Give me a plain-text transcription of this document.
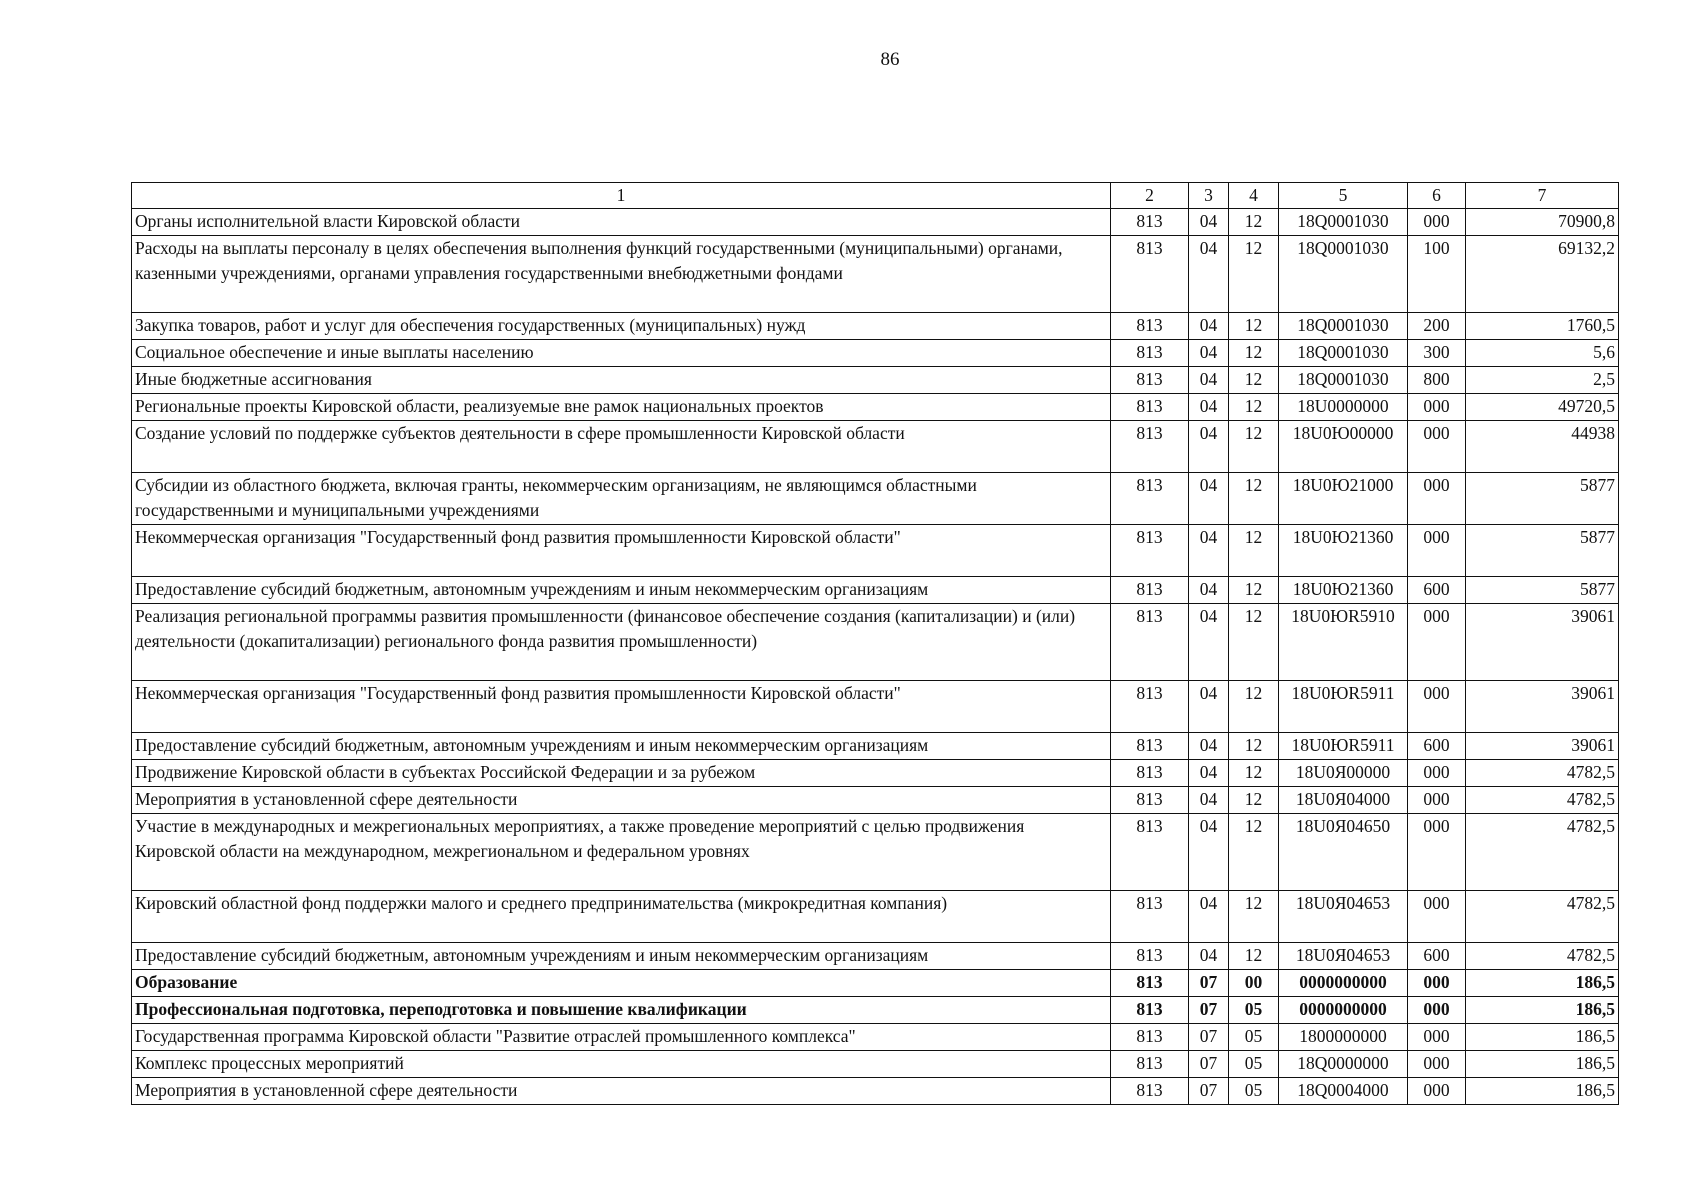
86
1	2	3	4	5	6	7
Органы исполнительной власти Кировской области	813	04	12	18Q0001030	000	70900,8
Расходы на выплаты персоналу в целях обеспечения выполнения функций государственными (муниципальными) органами, казенными учреждениями, органами управления государственными внебюджетными фондами	813	04	12	18Q0001030	100	69132,2
Закупка товаров, работ и услуг для обеспечения государственных (муниципальных) нужд	813	04	12	18Q0001030	200	1760,5
Социальное обеспечение и иные выплаты населению	813	04	12	18Q0001030	300	5,6
Иные бюджетные ассигнования	813	04	12	18Q0001030	800	2,5
Региональные проекты Кировской области, реализуемые вне рамок национальных проектов	813	04	12	18U0000000	000	49720,5
Создание условий по поддержке субъектов деятельности в сфере промышленности Кировской области	813	04	12	18U0Ю00000	000	44938
Субсидии из областного бюджета, включая гранты, некоммерческим организациям, не являющимся областными государственными и муниципальными учреждениями	813	04	12	18U0Ю21000	000	5877
Некоммерческая организация "Государственный фонд развития промышленности Кировской области"	813	04	12	18U0Ю21360	000	5877
Предоставление субсидий бюджетным, автономным учреждениям и иным некоммерческим организациям	813	04	12	18U0Ю21360	600	5877
Реализация региональной программы развития промышленности (финансовое обеспечение создания (капитализации) и (или) деятельности (докапитализации) регионального фонда развития промышленности)	813	04	12	18U0ЮR5910	000	39061
Некоммерческая организация "Государственный фонд развития промышленности Кировской области"	813	04	12	18U0ЮR5911	000	39061
Предоставление субсидий бюджетным, автономным учреждениям и иным некоммерческим организациям	813	04	12	18U0ЮR5911	600	39061
Продвижение Кировской области в субъектах Российской Федерации и за рубежом	813	04	12	18U0Я00000	000	4782,5
Мероприятия в установленной сфере деятельности	813	04	12	18U0Я04000	000	4782,5
Участие в международных и межрегиональных мероприятиях, а также проведение мероприятий с целью продвижения Кировской области на международном, межрегиональном и федеральном уровнях	813	04	12	18U0Я04650	000	4782,5
Кировский областной фонд поддержки малого и среднего предпринимательства (микрокредитная компания)	813	04	12	18U0Я04653	000	4782,5
Предоставление субсидий бюджетным, автономным учреждениям и иным некоммерческим организациям	813	04	12	18U0Я04653	600	4782,5
Образование	813	07	00	0000000000	000	186,5
Профессиональная подготовка, переподготовка и повышение квалификации	813	07	05	0000000000	000	186,5
Государственная программа Кировской области "Развитие отраслей промышленного комплекса"	813	07	05	1800000000	000	186,5
Комплекс процессных мероприятий	813	07	05	18Q0000000	000	186,5
Мероприятия в установленной сфере деятельности	813	07	05	18Q0004000	000	186,5
